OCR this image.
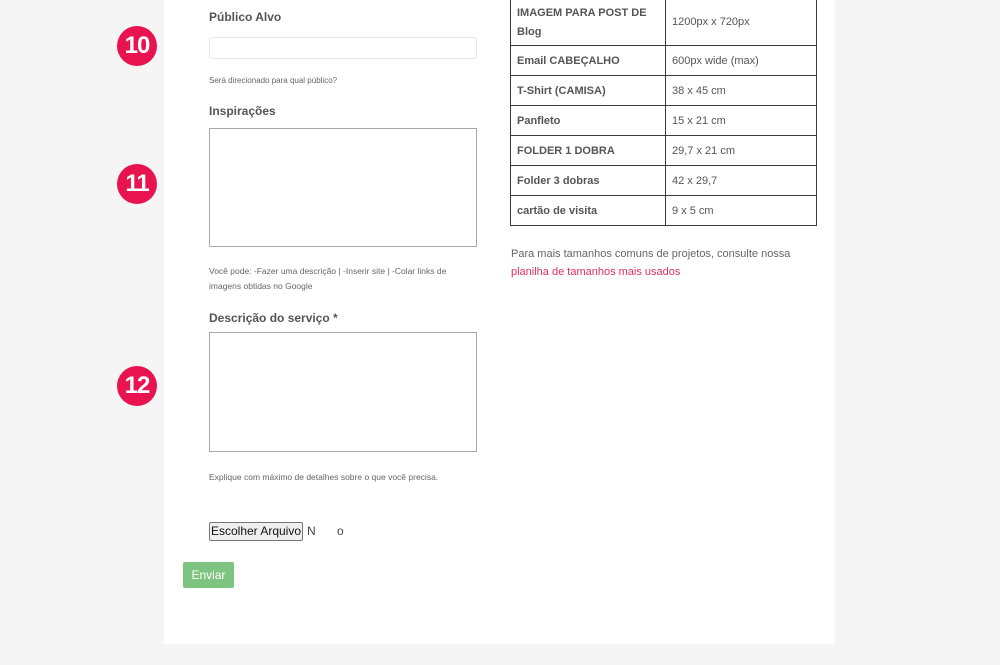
10
11
12
Público Alvo
Será direcionado para qual público?
Inspirações
Você pode: -Fazer uma descrição | -Inserir site | -Colar links de imagens obtidas no Google
Descrição do serviço *
Explique com máximo de detalhes sobre o que você precisa.
Escolher Arquivo N o
Enviar
IMAGEM PARA POST DE Blog	1200px x 720px
Email CABEÇALHO	600px wide (max)
T-Shirt (CAMISA)	38 x 45 cm
Panfleto	15 x 21 cm
FOLDER 1 DOBRA	29,7 x 21 cm
Folder 3 dobras	42 x 29,7
cartão de visita	9 x 5 cm
Para mais tamanhos comuns de projetos, consulte nossa
planilha de tamanhos mais usados
